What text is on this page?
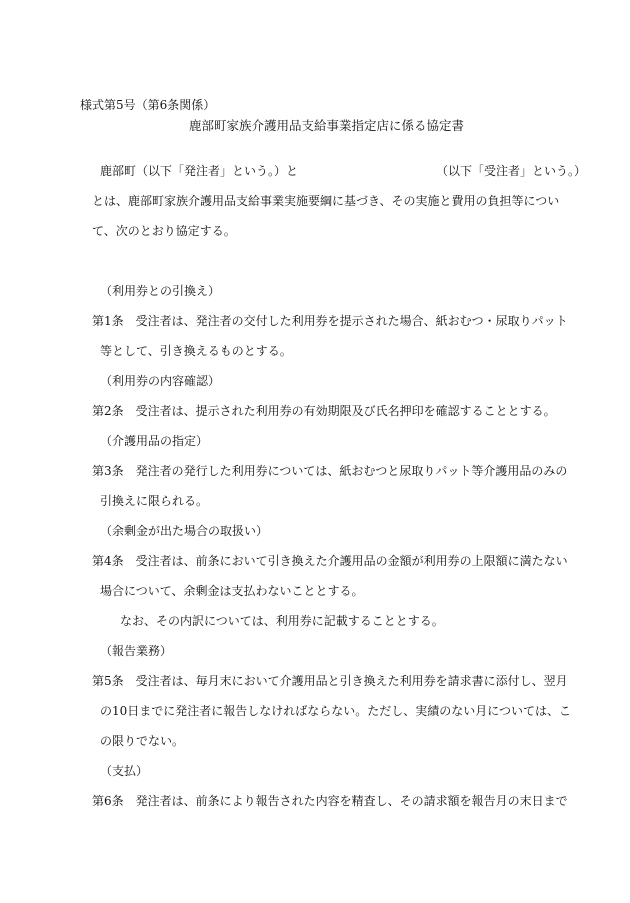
様式第5号（第6条関係）
鹿部町家族介護用品支給事業指定店に係る協定書
鹿部町（以下「発注者」という。）と	（以下「受注者」という。）
とは、鹿部町家族介護用品支給事業実施要綱に基づき、その実施と費用の負担等につい
て、次のとおり協定する。
（利用券との引換え）
第1条　受注者は、発注者の交付した利用券を提示された場合、紙おむつ・尿取りパット
等として、引き換えるものとする。
（利用券の内容確認）
第2条　受注者は、提示された利用券の有効期限及び氏名押印を確認することとする。
（介護用品の指定）
第3条　発注者の発行した利用券については、紙おむつと尿取りパット等介護用品のみの
引換えに限られる。
（余剰金が出た場合の取扱い）
第4条　受注者は、前条において引き換えた介護用品の金額が利用券の上限額に満たない
場合について、余剰金は支払わないこととする。
なお、その内訳については、利用券に記載することとする。
（報告業務）
第5条　受注者は、毎月末において介護用品と引き換えた利用券を請求書に添付し、翌月
の10日までに発注者に報告しなければならない。ただし、実績のない月については、こ
の限りでない。
（支払）
第6条　発注者は、前条により報告された内容を精査し、その請求額を報告月の末日まで
